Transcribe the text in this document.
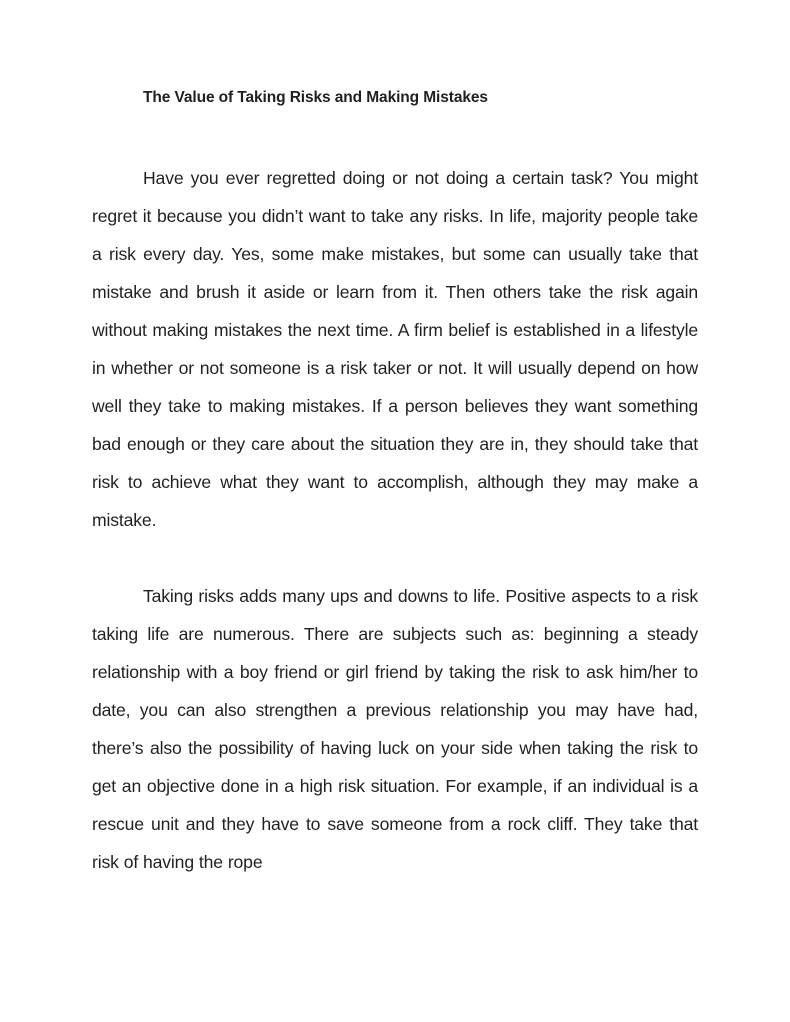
The Value of Taking Risks and Making Mistakes

Have you ever regretted doing or not doing a certain task? You might regret it because you didn’t want to take any risks. In life, majority people take a risk every day. Yes, some make mistakes, but some can usually take that mistake and brush it aside or learn from it. Then others take the risk again without making mistakes the next time. A firm belief is established in a lifestyle in whether or not someone is a risk taker or not. It will usually depend on how well they take to making mistakes. If a person believes they want something bad enough or they care about the situation they are in, they should take that risk to achieve what they want to accomplish, although they may make a mistake.

Taking risks adds many ups and downs to life. Positive aspects to a risk taking life are numerous. There are subjects such as: beginning a steady relationship with a boy friend or girl friend by taking the risk to ask him/her to date, you can also strengthen a previous relationship you may have had, there’s also the possibility of having luck on your side when taking the risk to get an objective done in a high risk situation. For example, if an individual is a rescue unit and they have to save someone from a rock cliff. They take that risk of having the rope
